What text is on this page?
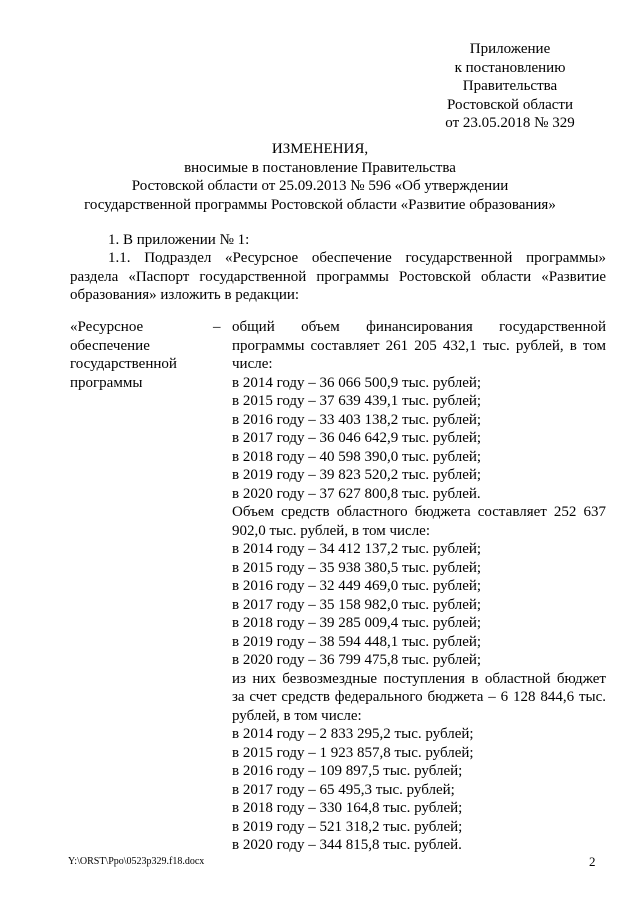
Приложение
к постановлению
Правительства
Ростовской области
от 23.05.2018 № 329
ИЗМЕНЕНИЯ,
вносимые в постановление Правительства
Ростовской области от 25.09.2013 № 596 «Об утверждении
государственной программы Ростовской области «Развитие образования»
1. В приложении № 1:
1.1. Подраздел «Ресурсное обеспечение государственной программы»
раздела «Паспорт государственной программы Ростовской области «Развитие образования» изложить в редакции:
«Ресурсное
обеспечение
государственной
программы
– общий объем финансирования государственной программы составляет 261 205 432,1 тыс. рублей, в том числе:
в 2014 году – 36 066 500,9 тыс. рублей;
в 2015 году – 37 639 439,1 тыс. рублей;
в 2016 году – 33 403 138,2 тыс. рублей;
в 2017 году – 36 046 642,9 тыс. рублей;
в 2018 году – 40 598 390,0 тыс. рублей;
в 2019 году – 39 823 520,2 тыс. рублей;
в 2020 году – 37 627 800,8 тыс. рублей.
Объем средств областного бюджета составляет 252 637 902,0 тыс. рублей, в том числе:
в 2014 году – 34 412 137,2 тыс. рублей;
в 2015 году – 35 938 380,5 тыс. рублей;
в 2016 году – 32 449 469,0 тыс. рублей;
в 2017 году – 35 158 982,0 тыс. рублей;
в 2018 году – 39 285 009,4 тыс. рублей;
в 2019 году – 38 594 448,1 тыс. рублей;
в 2020 году – 36 799 475,8 тыс. рублей;
из них безвозмездные поступления в областной бюджет за счет средств федерального бюджета – 6 128 844,6 тыс. рублей, в том числе:
в 2014 году – 2 833 295,2 тыс. рублей;
в 2015 году – 1 923 857,8 тыс. рублей;
в 2016 году – 109 897,5 тыс. рублей;
в 2017 году – 65 495,3 тыс. рублей;
в 2018 году – 330 164,8 тыс. рублей;
в 2019 году – 521 318,2 тыс. рублей;
в 2020 году – 344 815,8 тыс. рублей.
Y:\ORST\Ppo\0523p329.f18.docx	2
